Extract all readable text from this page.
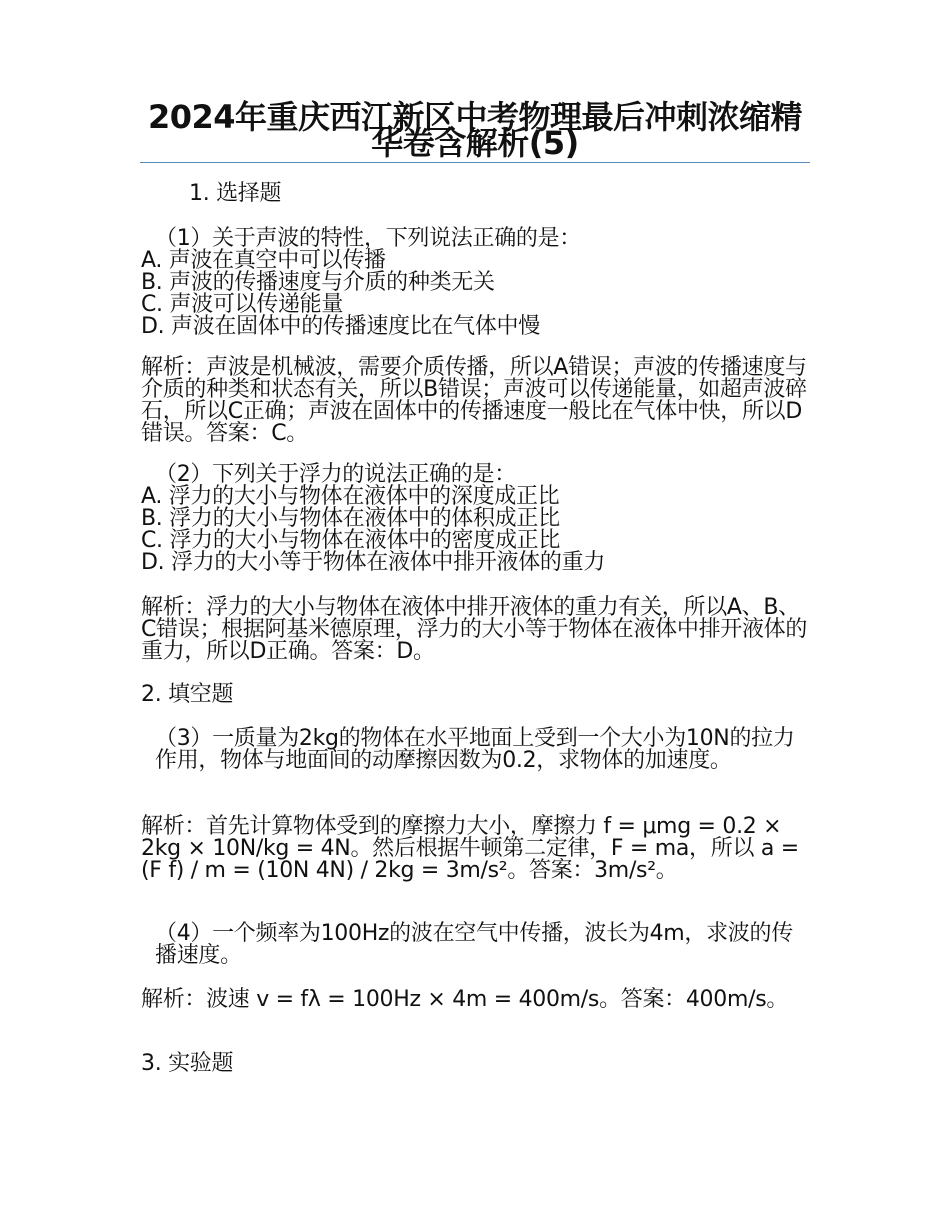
2024年重庆西江新区中考物理最后冲刺浓缩精华卷含解析(5)
1. 选择题
（1）关于声波的特性，下列说法正确的是：
A. 声波在真空中可以传播
B. 声波的传播速度与介质的种类无关
C. 声波可以传递能量
D. 声波在固体中的传播速度比在气体中慢
解析：声波是机械波，需要介质传播，所以A错误；声波的传播速度与介质的种类和状态有关，所以B错误；声波可以传递能量，如超声波碎石，所以C正确；声波在固体中的传播速度一般比在气体中快，所以D错误。答案：C。
（2）下列关于浮力的说法正确的是：
A. 浮力的大小与物体在液体中的深度成正比
B. 浮力的大小与物体在液体中的体积成正比
C. 浮力的大小与物体在液体中的密度成正比
D. 浮力的大小等于物体在液体中排开液体的重力
解析：浮力的大小与物体在液体中排开液体的重力有关，所以A、B、C错误；根据阿基米德原理，浮力的大小等于物体在液体中排开液体的重力，所以D正确。答案：D。
2. 填空题
（3）一质量为2kg的物体在水平地面上受到一个大小为10N的拉力作用，物体与地面间的动摩擦因数为0.2，求物体的加速度。
解析：首先计算物体受到的摩擦力大小，摩擦力 f = μmg = 0.2 × 2kg × 10N/kg = 4N。然后根据牛顿第二定律，F = ma，所以 a = (F f) / m = (10N 4N) / 2kg = 3m/s²。答案：3m/s²。
（4）一个频率为100Hz的波在空气中传播，波长为4m，求波的传播速度。
解析：波速 v = fλ = 100Hz × 4m = 400m/s。答案：400m/s。
3. 实验题
